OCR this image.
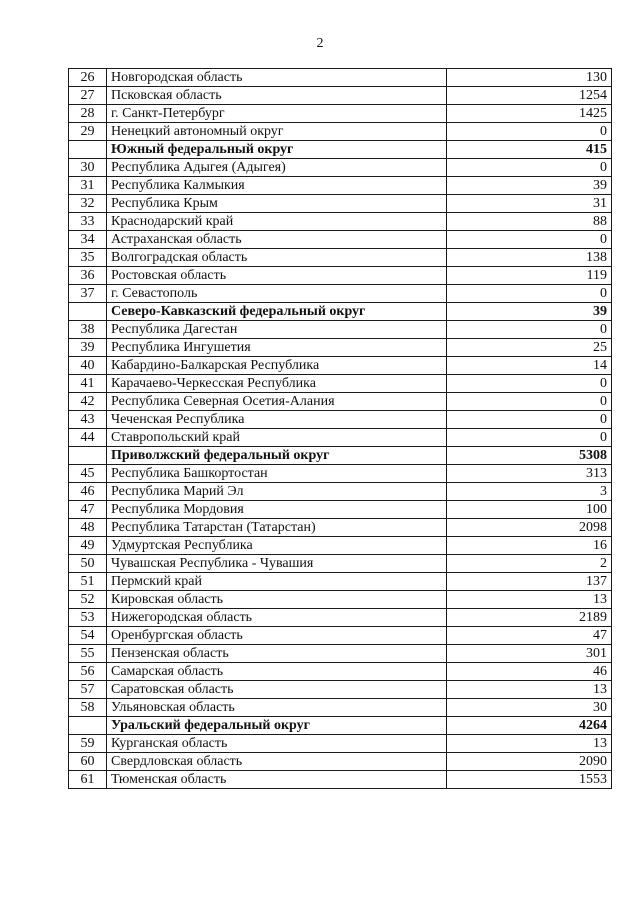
2
26	Новгородская область	130
27	Псковская область	1254
28	г. Санкт-Петербург	1425
29	Ненецкий автономный округ	0
	Южный федеральный округ	415
30	Республика Адыгея (Адыгея)	0
31	Республика Калмыкия	39
32	Республика Крым	31
33	Краснодарский край	88
34	Астраханская область	0
35	Волгоградская область	138
36	Ростовская область	119
37	г. Севастополь	0
	Северо-Кавказский федеральный округ	39
38	Республика Дагестан	0
39	Республика Ингушетия	25
40	Кабардино-Балкарская Республика	14
41	Карачаево-Черкесская Республика	0
42	Республика Северная Осетия-Алания	0
43	Чеченская Республика	0
44	Ставропольский край	0
	Приволжский федеральный округ	5308
45	Республика Башкортостан	313
46	Республика Марий Эл	3
47	Республика Мордовия	100
48	Республика Татарстан (Татарстан)	2098
49	Удмуртская Республика	16
50	Чувашская Республика - Чувашия	2
51	Пермский край	137
52	Кировская область	13
53	Нижегородская область	2189
54	Оренбургская область	47
55	Пензенская область	301
56	Самарская область	46
57	Саратовская область	13
58	Ульяновская область	30
	Уральский федеральный округ	4264
59	Курганская область	13
60	Свердловская область	2090
61	Тюменская область	1553
